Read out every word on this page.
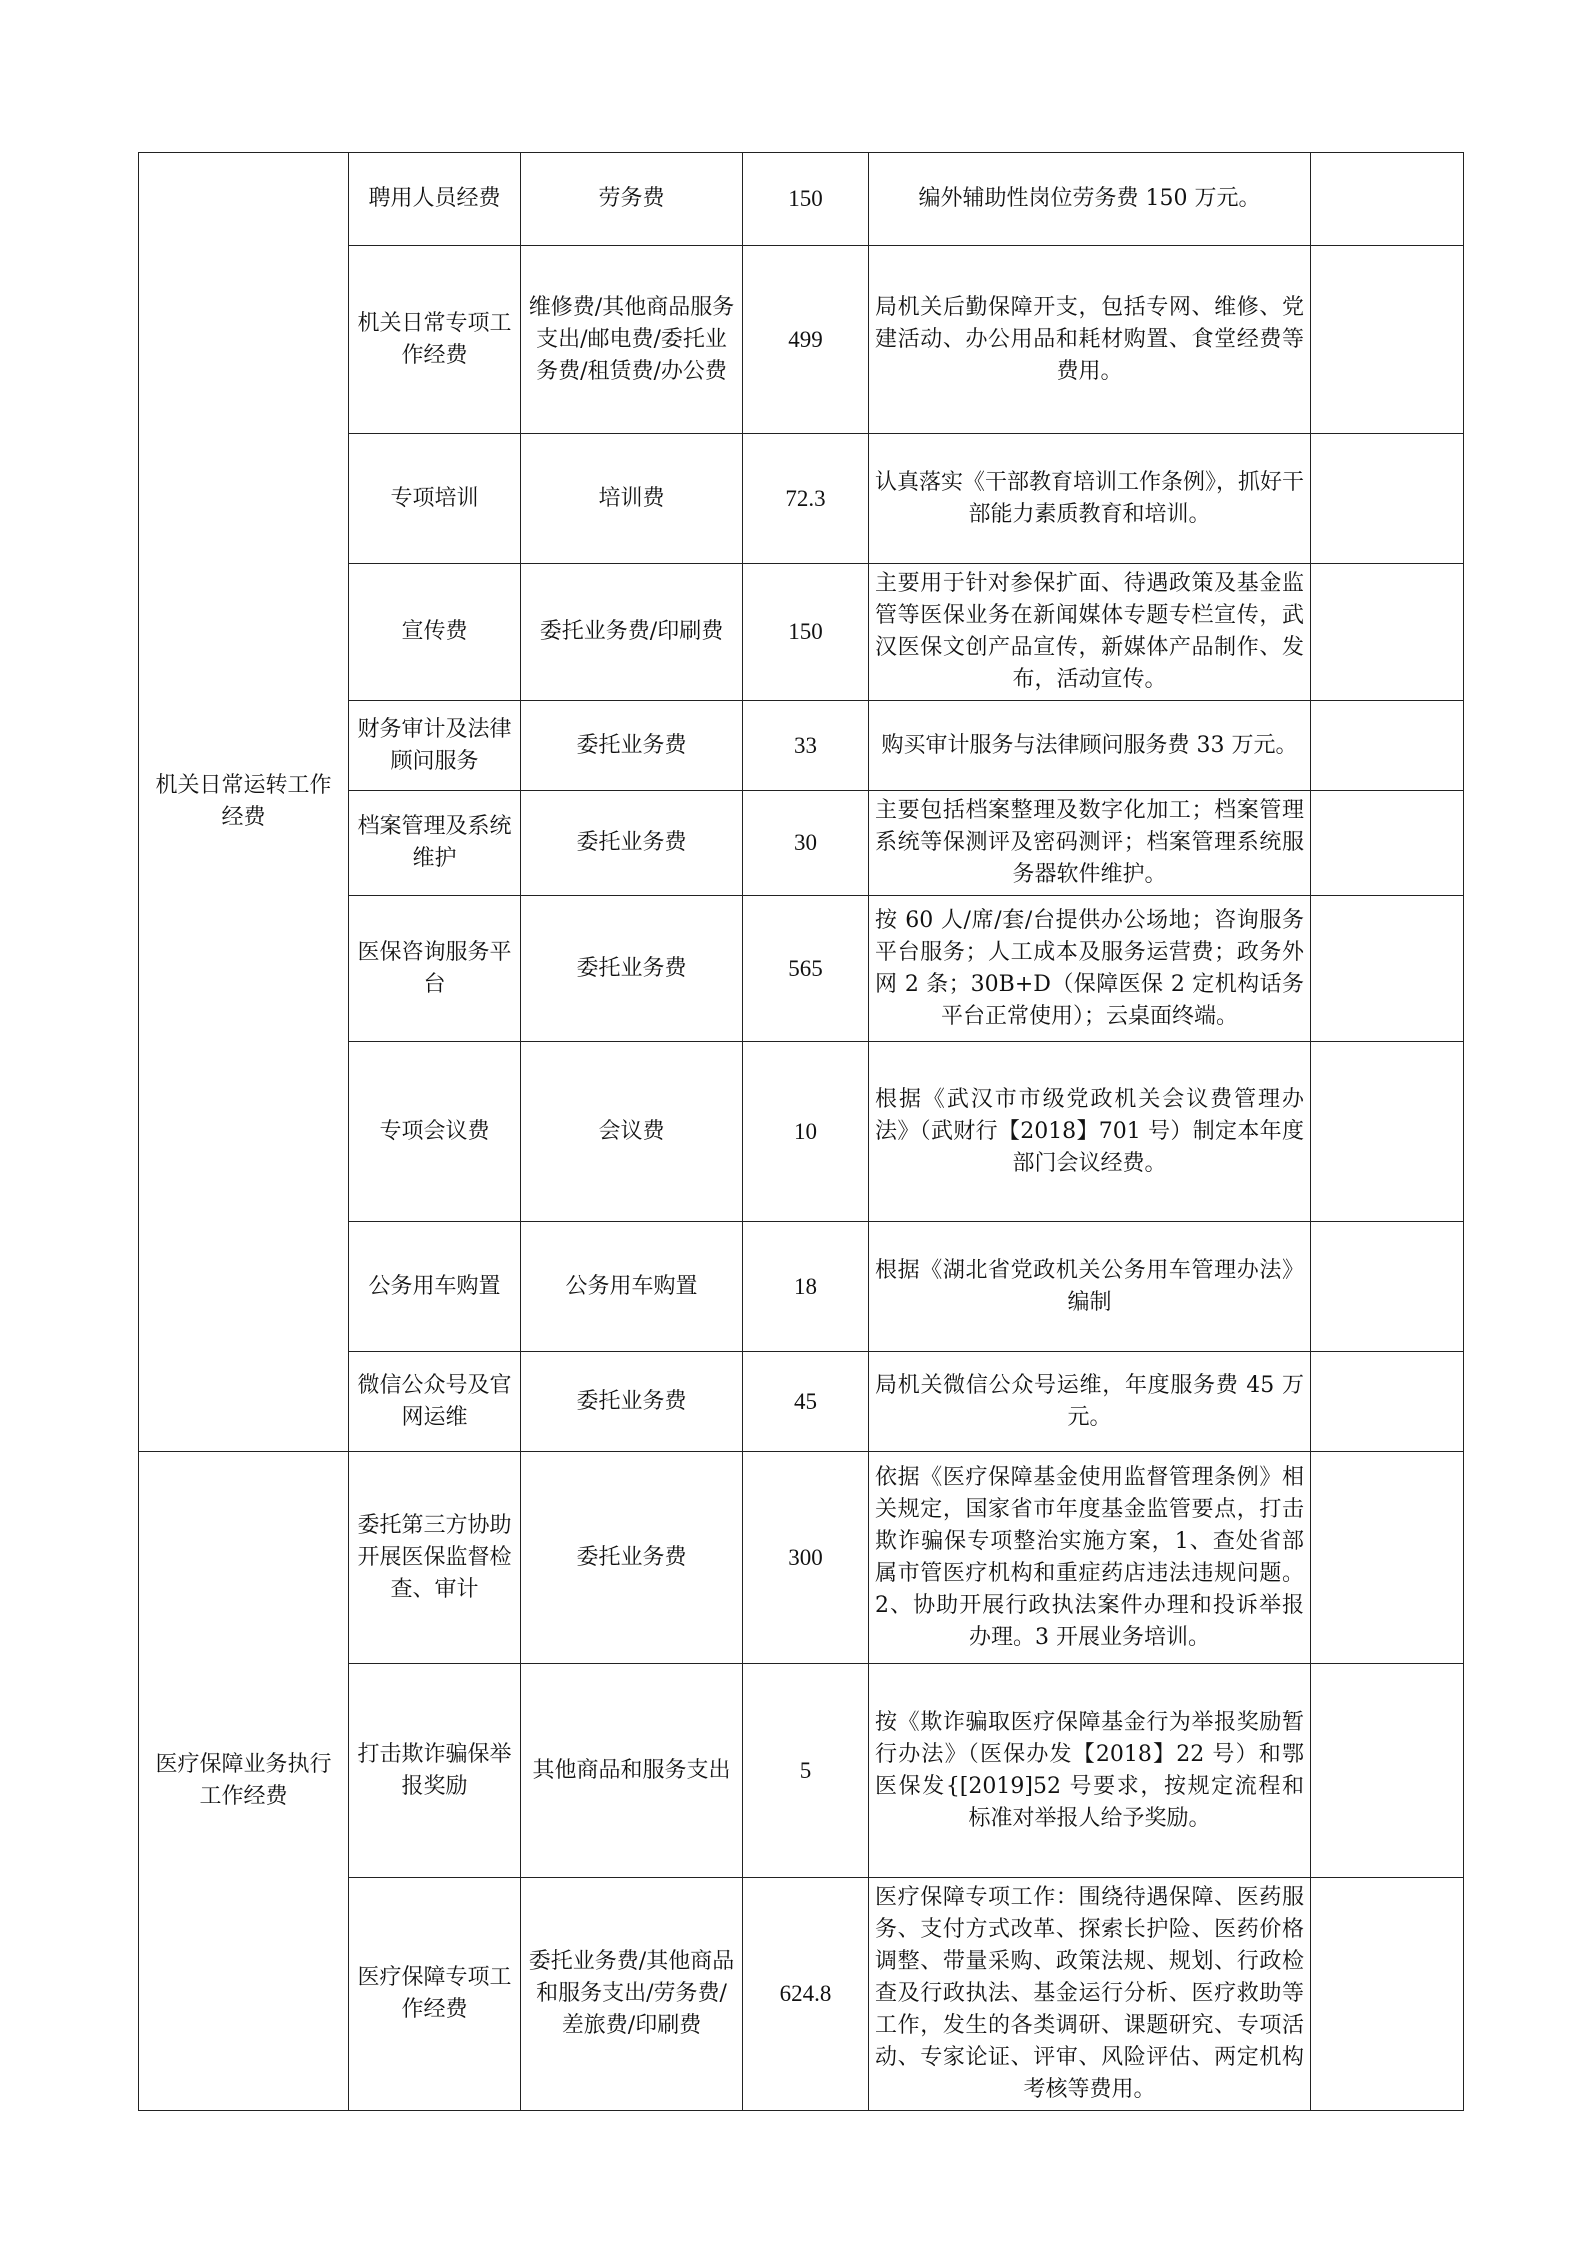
机关日常运转工作经费	聘用人员经费	劳务费	150	编外辅助性岗位劳务费 150 万元。	
	机关日常专项工作经费	维修费/其他商品服务支出/邮电费/委托业务费/租赁费/办公费	499	局机关后勤保障开支，包括专网、维修、党建活动、办公用品和耗材购置、食堂经费等费用。	
	专项培训	培训费	72.3	认真落实《干部教育培训工作条例》，抓好干部能力素质教育和培训。	
	宣传费	委托业务费/印刷费	150	主要用于针对参保扩面、待遇政策及基金监管等医保业务在新闻媒体专题专栏宣传，武汉医保文创产品宣传，新媒体产品制作、发布，活动宣传。	
	财务审计及法律顾问服务	委托业务费	33	购买审计服务与法律顾问服务费 33 万元。	
	档案管理及系统维护	委托业务费	30	主要包括档案整理及数字化加工；档案管理系统等保测评及密码测评；档案管理系统服务器软件维护。	
	医保咨询服务平台	委托业务费	565	按 60 人/席/套/台提供办公场地；咨询服务平台服务；人工成本及服务运营费；政务外网 2 条；30B+D（保障医保 2 定机构话务平台正常使用）；云桌面终端。	
	专项会议费	会议费	10	根据《武汉市市级党政机关会议费管理办法》（武财行【2018】701 号）制定本年度部门会议经费。	
	公务用车购置	公务用车购置	18	根据《湖北省党政机关公务用车管理办法》编制	
	微信公众号及官网运维	委托业务费	45	局机关微信公众号运维，年度服务费 45 万元。	
医疗保障业务执行工作经费	委托第三方协助开展医保监督检查、审计	委托业务费	300	依据《医疗保障基金使用监督管理条例》相关规定，国家省市年度基金监管要点，打击欺诈骗保专项整治实施方案，1、查处省部属市管医疗机构和重症药店违法违规问题。2、协助开展行政执法案件办理和投诉举报办理。3 开展业务培训。	
	打击欺诈骗保举报奖励	其他商品和服务支出	5	按《欺诈骗取医疗保障基金行为举报奖励暂行办法》（医保办发【2018】22 号）和鄂医保发{[2019]52 号要求，按规定流程和标准对举报人给予奖励。	
	医疗保障专项工作经费	委托业务费/其他商品和服务支出/劳务费/差旅费/印刷费	624.8	医疗保障专项工作：围绕待遇保障、医药服务、支付方式改革、探索长护险、医药价格调整、带量采购、政策法规、规划、行政检查及行政执法、基金运行分析、医疗救助等工作，发生的各类调研、课题研究、专项活动、专家论证、评审、风险评估、两定机构考核等费用。	
